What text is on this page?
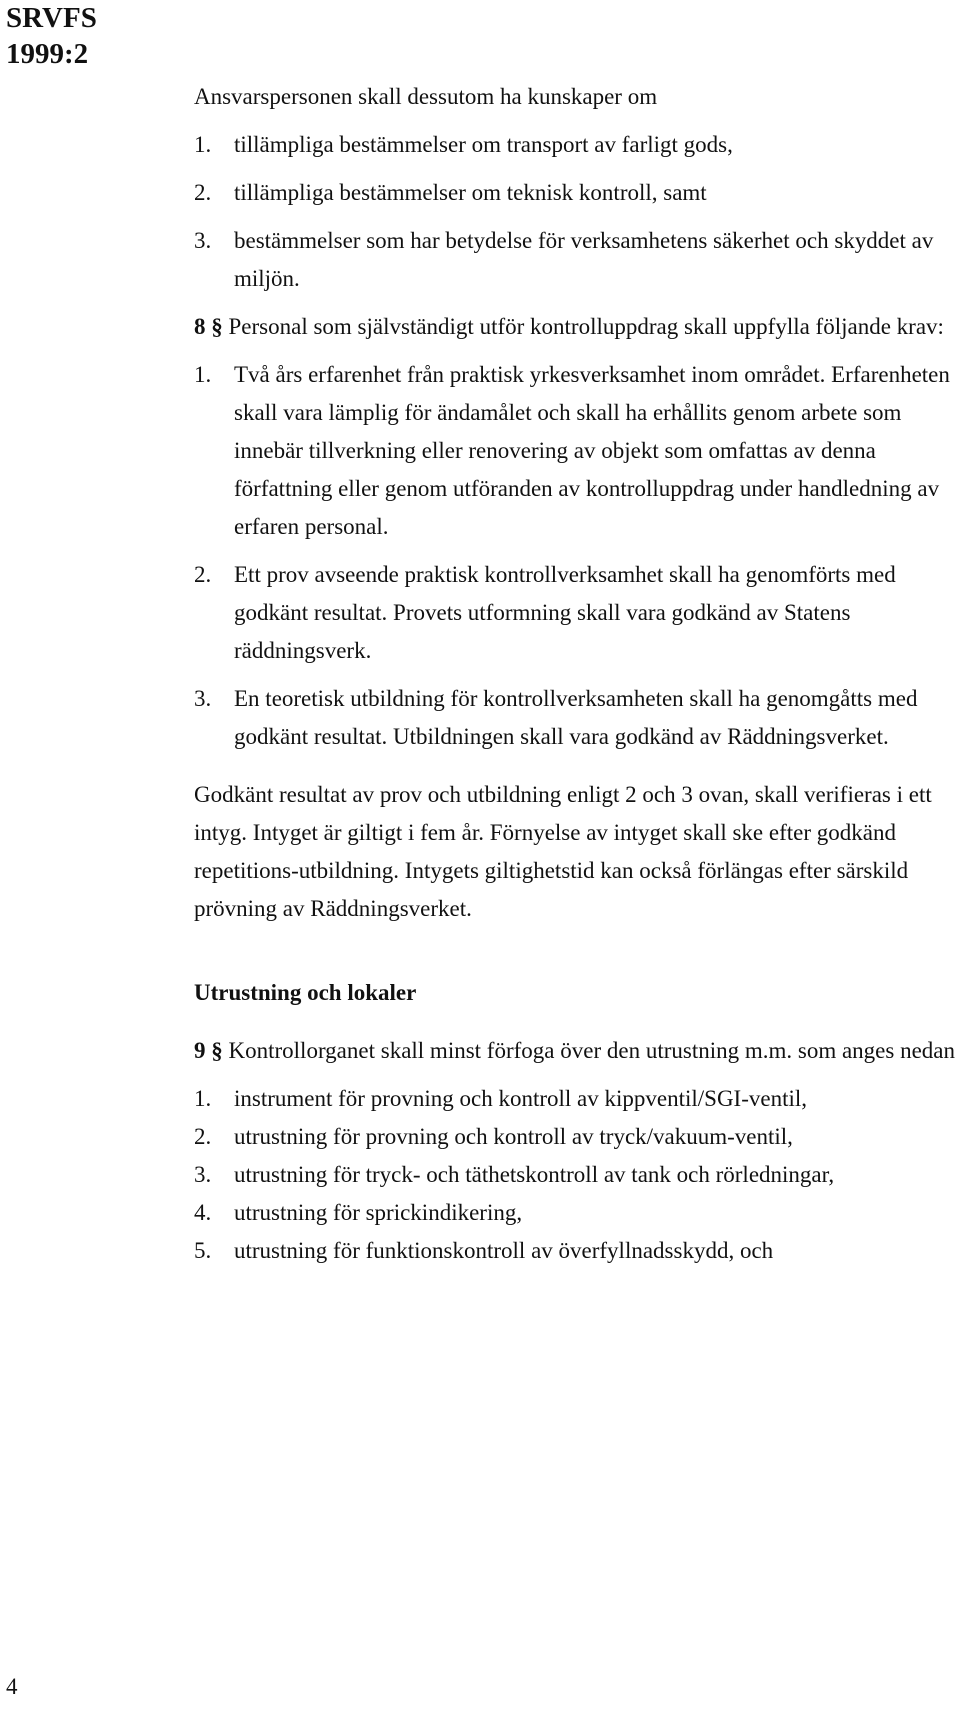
SRVFS
1999:2

Ansvarspersonen skall dessutom ha kunskaper om

1. tillämpliga bestämmelser om transport av farligt gods,
2. tillämpliga bestämmelser om teknisk kontroll, samt
3. bestämmelser som har betydelse för verksamhetens säkerhet och skyddet av miljön.

8 § Personal som självständigt utför kontrolluppdrag skall uppfylla följande krav:

1. Två års erfarenhet från praktisk yrkesverksamhet inom området. Erfarenheten skall vara lämplig för ändamålet och skall ha erhållits genom arbete som innebär tillverkning eller renovering av objekt som omfattas av denna författning eller genom utföranden av kontrolluppdrag under handledning av erfaren personal.
2. Ett prov avseende praktisk kontrollverksamhet skall ha genomförts med godkänt resultat. Provets utformning skall vara godkänd av Statens räddningsverk.
3. En teoretisk utbildning för kontrollverksamheten skall ha genomgåtts med godkänt resultat. Utbildningen skall vara godkänd av Räddningsverket.

Godkänt resultat av prov och utbildning enligt 2 och 3 ovan, skall verifieras i ett intyg. Intyget är giltigt i fem år. Förnyelse av intyget skall ske efter godkänd repetitions-utbildning. Intygets giltighetstid kan också förlängas efter särskild prövning av Räddningsverket.

Utrustning och lokaler

9 § Kontrollorganet skall minst förfoga över den utrustning m.m. som anges nedan

1. instrument för provning och kontroll av kippventil/SGI-ventil,
2. utrustning för provning och kontroll av tryck/vakuum-ventil,
3. utrustning för tryck- och täthetskontroll av tank och rörledningar,
4. utrustning för sprickindikering,
5. utrustning för funktionskontroll av överfyllnadsskydd, och
4
